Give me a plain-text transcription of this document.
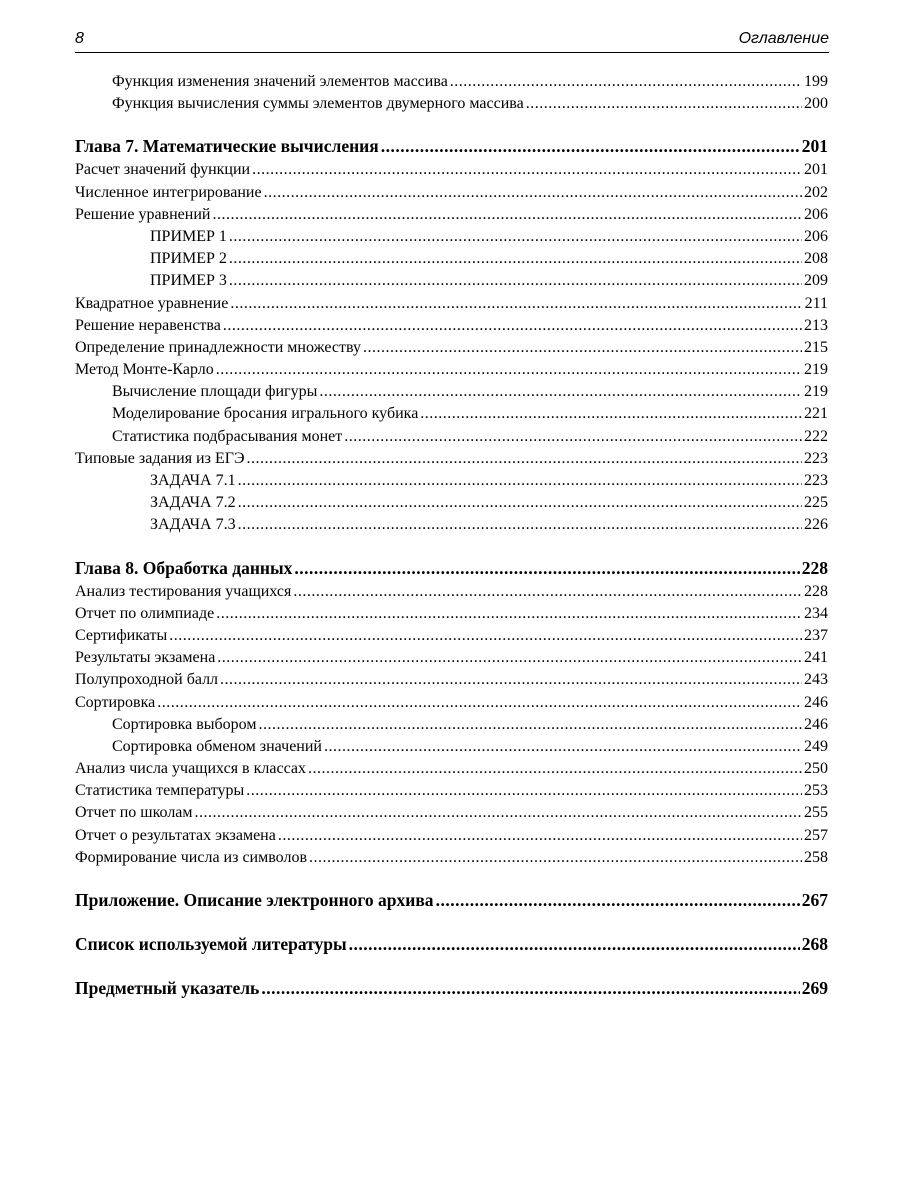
8	Оглавление
Функция изменения значений элементов массива .....	199
Функция вычисления суммы элементов двумерного массива .....	200
Глава 7. Математические вычисления .....	201
Расчет значений функции .....	201
Численное интегрирование .....	202
Решение уравнений .....	206
ПРИМЕР 1 .....	206
ПРИМЕР 2 .....	208
ПРИМЕР 3 .....	209
Квадратное уравнение .....	211
Решение неравенства .....	213
Определение принадлежности множеству .....	215
Метод Монте-Карло .....	219
Вычисление площади фигуры .....	219
Моделирование бросания игрального кубика .....	221
Статистика подбрасывания монет .....	222
Типовые задания из ЕГЭ .....	223
ЗАДАЧА 7.1 .....	223
ЗАДАЧА 7.2 .....	225
ЗАДАЧА 7.3 .....	226
Глава 8. Обработка данных .....	228
Анализ тестирования учащихся .....	228
Отчет по олимпиаде .....	234
Сертификаты .....	237
Результаты экзамена .....	241
Полупроходной балл .....	243
Сортировка .....	246
Сортировка выбором .....	246
Сортировка обменом значений .....	249
Анализ числа учащихся в классах .....	250
Статистика температуры .....	253
Отчет по школам .....	255
Отчет о результатах экзамена .....	257
Формирование числа из символов .....	258
Приложение. Описание электронного архива .....	267
Список используемой литературы .....	268
Предметный указатель .....	269
